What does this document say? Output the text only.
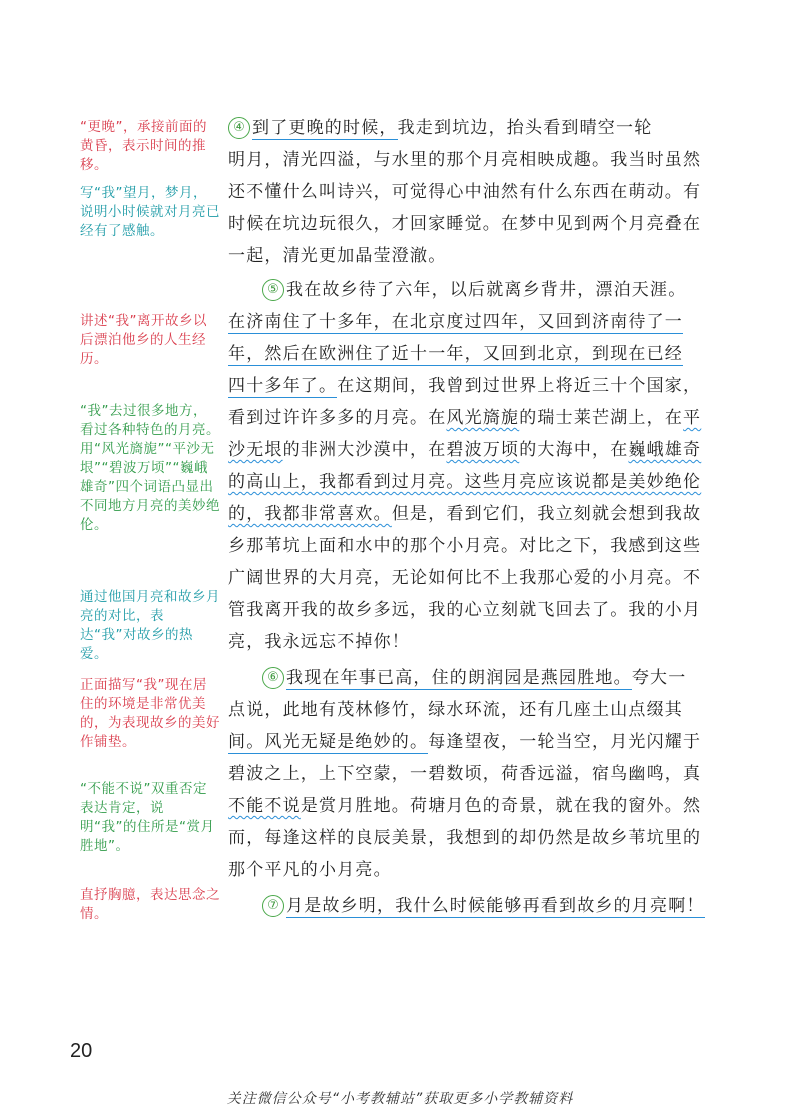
“更晚”，承接前面的黄昏，表示时间的推移。
写“我”望月，梦月，说明小时候就对月亮已经有了感触。
讲述“我”离开故乡以后漂泊他乡的人生经历。
“我”去过很多地方，看过各种特色的月亮。用“风光旖旎”“平沙无垠”“碧波万顷”“巍峨雄奇”四个词语凸显出不同地方月亮的美妙绝伦。
通过他国月亮和故乡月亮的对比，表达“我”对故乡的热爱。
正面描写“我”现在居住的环境是非常优美的，为表现故乡的美好作铺垫。
“不能不说”双重否定表达肯定，说明“我”的住所是“赏月胜地”。
直抒胸臆，表达思念之情。
④ 到了更晚的时候，我走到坑边，抬头看到晴空一轮
明月，清光四溢，与水里的那个月亮相映成趣。我当时虽然
还不懂什么叫诗兴，可觉得心中油然有什么东西在萌动。有
时候在坑边玩很久，才回家睡觉。在梦中见到两个月亮叠在
一起，清光更加晶莹澄澈。
⑤ 我在故乡待了六年，以后就离乡背井，漂泊天涯。
在济南住了十多年，在北京度过四年，又回到济南待了一
年，然后在欧洲住了近十一年，又回到北京，到现在已经
四十多年了。在这期间，我曾到过世界上将近三十个国家，
看到过许许多多的月亮。在风光旖旎的瑞士莱芒湖上，在平
沙无垠的非洲大沙漠中，在碧波万顷的大海中，在巍峨雄奇
的高山上，我都看到过月亮。这些月亮应该说都是美妙绝伦
的，我都非常喜欢。但是，看到它们，我立刻就会想到我故
乡那苇坑上面和水中的那个小月亮。对比之下，我感到这些
广阔世界的大月亮，无论如何比不上我那心爱的小月亮。不
管我离开我的故乡多远，我的心立刻就飞回去了。我的小月
亮，我永远忘不掉你！
⑥ 我现在年事已高，住的朗润园是燕园胜地。夸大一
点说，此地有茂林修竹，绿水环流，还有几座土山点缀其
间。风光无疑是绝妙的。每逢望夜，一轮当空，月光闪耀于
碧波之上，上下空蒙，一碧数顷，荷香远溢，宿鸟幽鸣，真
不能不说是赏月胜地。荷塘月色的奇景，就在我的窗外。然
而，每逢这样的良辰美景，我想到的却仍然是故乡苇坑里的
那个平凡的小月亮。
⑦ 月是故乡明，我什么时候能够再看到故乡的月亮啊！
20
关注微信公众号“小考教辅站”获取更多小学教辅资料
